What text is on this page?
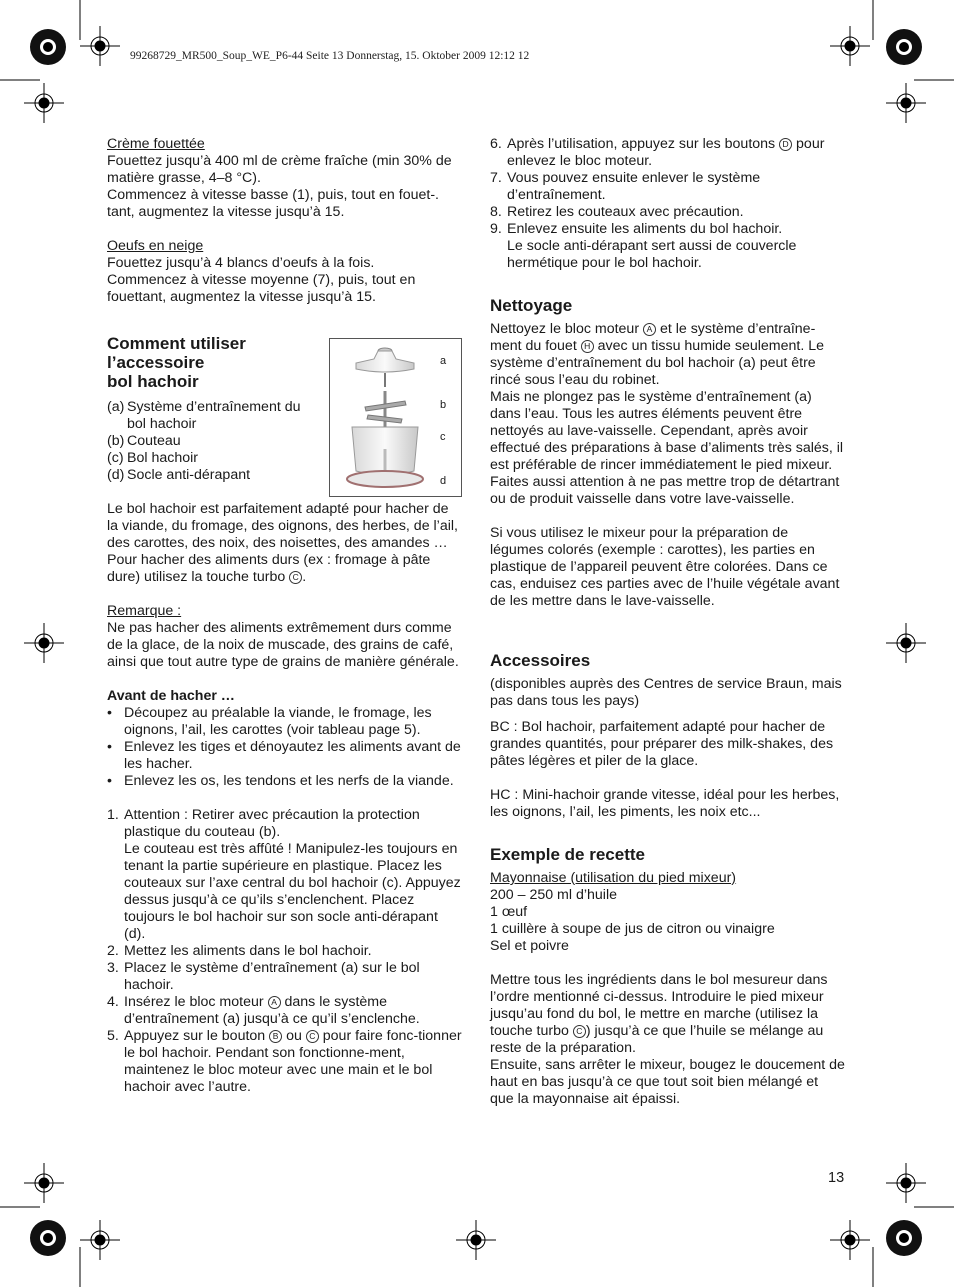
99268729_MR500_Soup_WE_P6-44 Seite 13 Donnerstag, 15. Oktober 2009 12:12 12

Crème fouettée

Fouettez jusqu’à 400 ml de crème fraîche (min 30% de matière grasse, 4–8 °C).

Commencez à vitesse basse (1), puis, tout en fouet-. tant, augmentez la vitesse jusqu’à 15.

Oeufs en neige

Fouettez jusqu’à 4 blancs d’oeufs à la fois.

Commencez à vitesse moyenne (7), puis, tout en fouettant, augmentez la vitesse jusqu’à 15.

Comment utiliser
l’accessoire
bol hachoir
(a) Système d’entraînement du bol hachoir
(b) Couteau
(c) Bol hachoir
(d) Socle anti-dérapant
a
b
c
d

Le bol hachoir est parfaitement adapté pour hacher de la viande, du fromage, des oignons, des herbes, de l’ail, des carottes, des noix, des noisettes, des amandes …

Pour hacher des aliments durs (ex : fromage à pâte dure) utilisez la touche turbo C .

Remarque :

Ne pas hacher des aliments extrêmement durs comme de la glace, de la noix de muscade, des grains de café, ainsi que tout autre type de grains de manière générale.

Avant de hacher …
• Découpez au préalable la viande, le fromage, les oignons, l’ail, les carottes (voir tableau page 5).
• Enlevez les tiges et dénoyautez les aliments avant de les hacher.
• Enlevez les os, les tendons et les nerfs de la viande.
1. Attention : Retirer avec précaution la protection plastique du couteau (b).
Le couteau est très affûté ! Manipulez-les toujours en tenant la partie supérieure en plastique. Placez les couteaux sur l’axe central du bol hachoir (c). Appuyez dessus jusqu’à ce qu’ils s’enclenchent. Placez toujours le bol hachoir sur son socle anti-dérapant (d).
2. Mettez les aliments dans le bol hachoir.
3. Placez le système d’entraînement (a) sur le bol hachoir.
4. Insérez le bloc moteur A dans le système d’entraînement (a) jusqu’à ce qu’il s’enclenche.
5. Appuyez sur le bouton B ou C pour faire fonc-tionner le bol hachoir. Pendant son fonctionne-ment, maintenez le bloc moteur avec une main et le bol hachoir avec l’autre.
6. Après l’utilisation, appuyez sur les boutons D pour enlevez le bloc moteur.
7. Vous pouvez ensuite enlever le système d’entraînement.
8. Retirez les couteaux avec précaution.
9. Enlevez ensuite les aliments du bol hachoir.
Le socle anti-dérapant sert aussi de couvercle hermétique pour le bol hachoir.
Nettoyage

Nettoyez le bloc moteur A et le système d’entraîne-ment du fouet H avec un tissu humide seulement. Le système d’entraînement du bol hachoir (a) peut être rincé sous l’eau du robinet.

Mais ne plongez pas le système d’entraînement (a) dans l’eau. Tous les autres éléments peuvent être nettoyés au lave-vaisselle. Cependant, après avoir effectué des préparations à base d’aliments très salés, il est préférable de rincer immédiatement le pied mixeur. Faites aussi attention à ne pas mettre trop de détartrant ou de produit vaisselle dans votre lave-vaisselle.

Si vous utilisez le mixeur pour la préparation de légumes colorés (exemple : carottes), les parties en plastique de l’appareil peuvent être colorées. Dans ce cas, enduisez ces parties avec de l’huile végétale avant de les mettre dans le lave-vaisselle.

Accessoires

(disponibles auprès des Centres de service Braun, mais pas dans tous les pays)

BC : Bol hachoir, parfaitement adapté pour hacher de grandes quantités, pour préparer des milk-shakes, des pâtes légères et piler de la glace.

HC : Mini-hachoir grande vitesse, idéal pour les herbes, les oignons, l’ail, les piments, les noix etc...

Exemple de recette

Mayonnaise (utilisation du pied mixeur)

200 – 250 ml d’huile

1 œuf

1 cuillère à soupe de jus de citron ou vinaigre

Sel et poivre

Mettre tous les ingrédients dans le bol mesureur dans l’ordre mentionné ci-dessus. Introduire le pied mixeur jusqu’au fond du bol, le mettre en marche (utilisez la touche turbo C ) jusqu’à ce que l’huile se mélange au reste de la préparation.

Ensuite, sans arrêter le mixeur, bougez le doucement de haut en bas jusqu’à ce que tout soit bien mélangé et que la mayonnaise ait épaissi.

13
